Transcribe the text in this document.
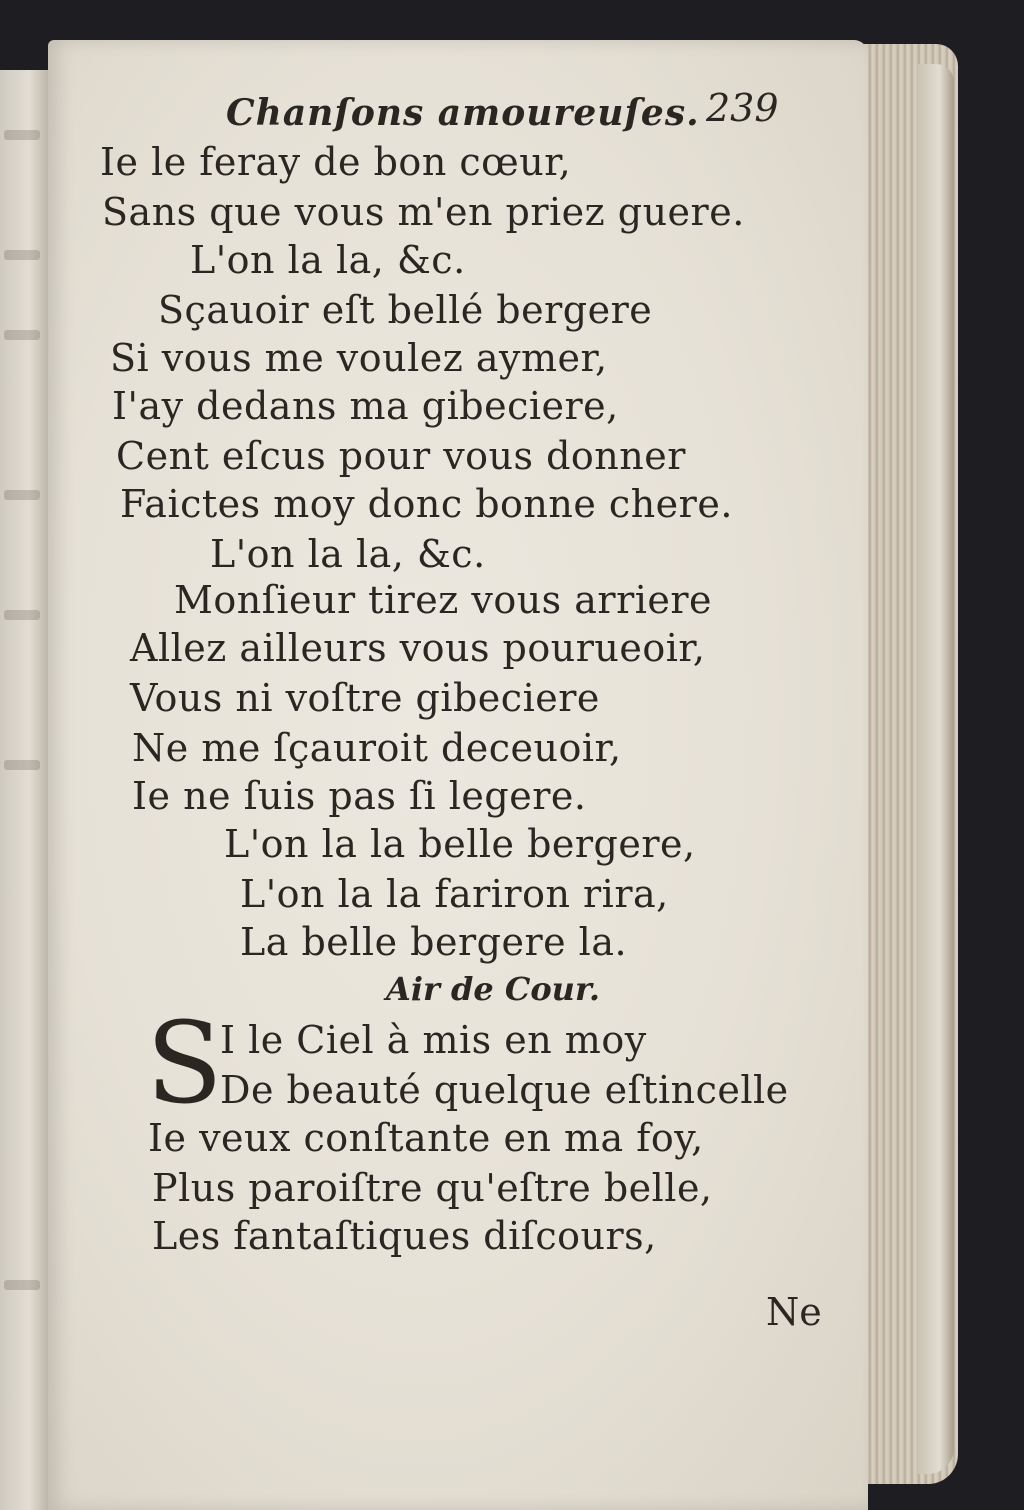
Chanſons amoureuſes. 239
Ie le feray de bon cœur,
Sans que vous m'en priez guere.
L'on la la, &c.
Sçauoir eſt bellé bergere
Si vous me voulez aymer,
I'ay dedans ma gibeciere,
Cent eſcus pour vous donner
Faictes moy donc bonne chere.
L'on la la, &c.
Monſieur tirez vous arriere
Allez ailleurs vous pourueoir,
Vous ni voſtre gibeciere
Ne me ſçauroit deceuoir,
Ie ne ſuis pas ſi legere.
L'on la la belle bergere,
L'on la la fariron rira,
La belle bergere la.
Air de Cour.
S
I le Ciel à mis en moy
De beauté quelque eſtincelle
Ie veux conſtante en ma foy,
Plus paroiſtre qu'eſtre belle,
Les fantaſtiques diſcours,
Ne
